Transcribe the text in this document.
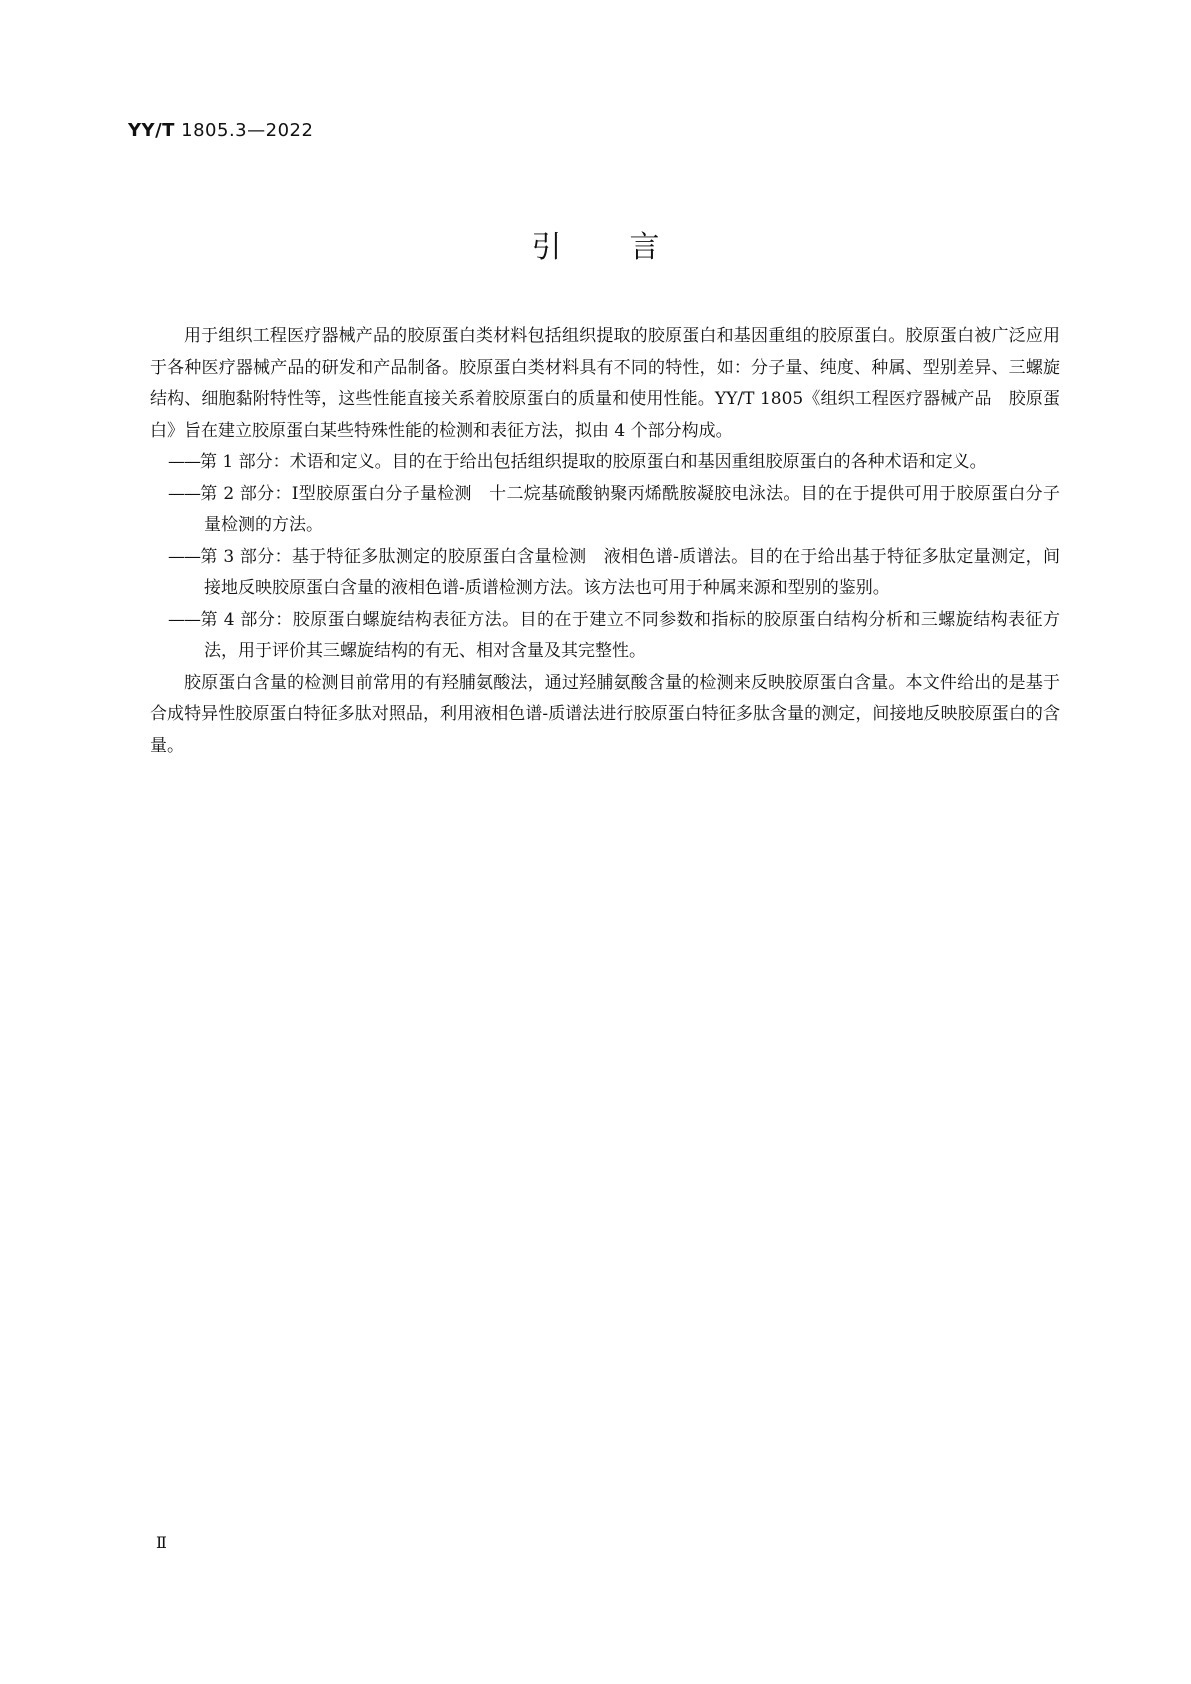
YY/T 1805.3—2022
引言

用于组织工程医疗器械产品的胶原蛋白类材料包括组织提取的胶原蛋白和基因重组的胶原蛋白。胶原蛋白被广泛应用于各种医疗器械产品的研发和产品制备。胶原蛋白类材料具有不同的特性，如：分子量、纯度、种属、型别差异、三螺旋结构、细胞黏附特性等，这些性能直接关系着胶原蛋白的质量和使用性能。YY/T 1805《组织工程医疗器械产品　胶原蛋白》旨在建立胶原蛋白某些特殊性能的检测和表征方法，拟由 4 个部分构成。

——第 1 部分：术语和定义。目的在于给出包括组织提取的胶原蛋白和基因重组胶原蛋白的各种术语和定义。
——第 2 部分：Ⅰ型胶原蛋白分子量检测　十二烷基硫酸钠聚丙烯酰胺凝胶电泳法。目的在于提供可用于胶原蛋白分子量检测的方法。
——第 3 部分：基于特征多肽测定的胶原蛋白含量检测　液相色谱-质谱法。目的在于给出基于特征多肽定量测定，间接地反映胶原蛋白含量的液相色谱-质谱检测方法。该方法也可用于种属来源和型别的鉴别。
——第 4 部分：胶原蛋白螺旋结构表征方法。目的在于建立不同参数和指标的胶原蛋白结构分析和三螺旋结构表征方法，用于评价其三螺旋结构的有无、相对含量及其完整性。

胶原蛋白含量的检测目前常用的有羟脯氨酸法，通过羟脯氨酸含量的检测来反映胶原蛋白含量。本文件给出的是基于合成特异性胶原蛋白特征多肽对照品，利用液相色谱-质谱法进行胶原蛋白特征多肽含量的测定，间接地反映胶原蛋白的含量。

Ⅱ
